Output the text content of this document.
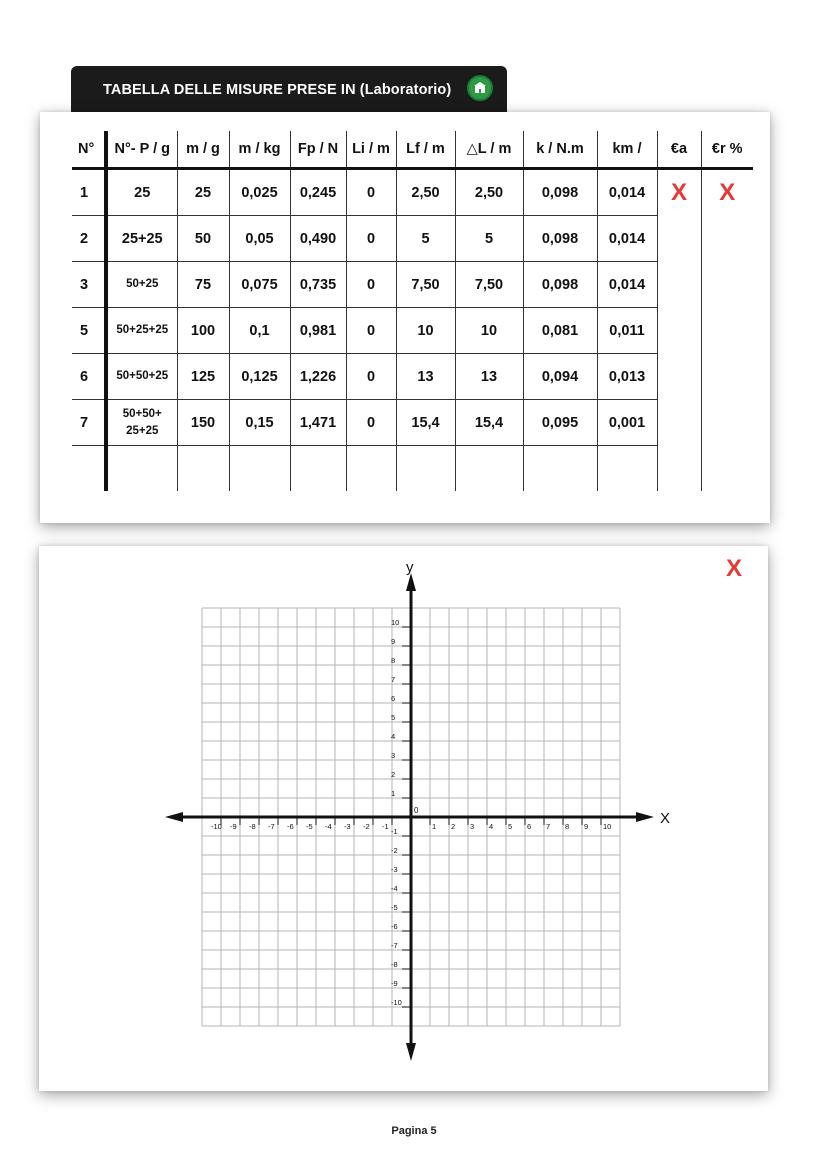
TABELLA DELLE MISURE PRESE IN (Laboratorio)
N°	N°- P / g	m / g	m / kg	Fp / N	Li / m	Lf / m	△L / m	k / N.m	km /	€a	€r %
1	25	25	0,025	0,245	0	2,50	2,50	0,098	0,014	X	X
2	25+25	50	0,05	0,490	0	5	5	0,098	0,014		
3	50+25	75	0,075	0,735	0	7,50	7,50	0,098	0,014		
5	50+25+25	100	0,1	0,981	0	10	10	0,081	0,011		
6	50+50+25	125	0,125	1,226	0	13	13	0,094	0,013		
7	50+50+ 25+25	150	0,15	1,471	0	15,4	15,4	0,095	0,001		

X
y
0
-10 -9 -8 -7 -6 -5 -4 -3 -2 -1	1 2 3 4 5 6 7 8 9 10
1
2
3
4
5
6
7
8
9
10
-1
-2
-3
-4
-5
-6
-7
-8
-9
-10
X
Pagina 5
